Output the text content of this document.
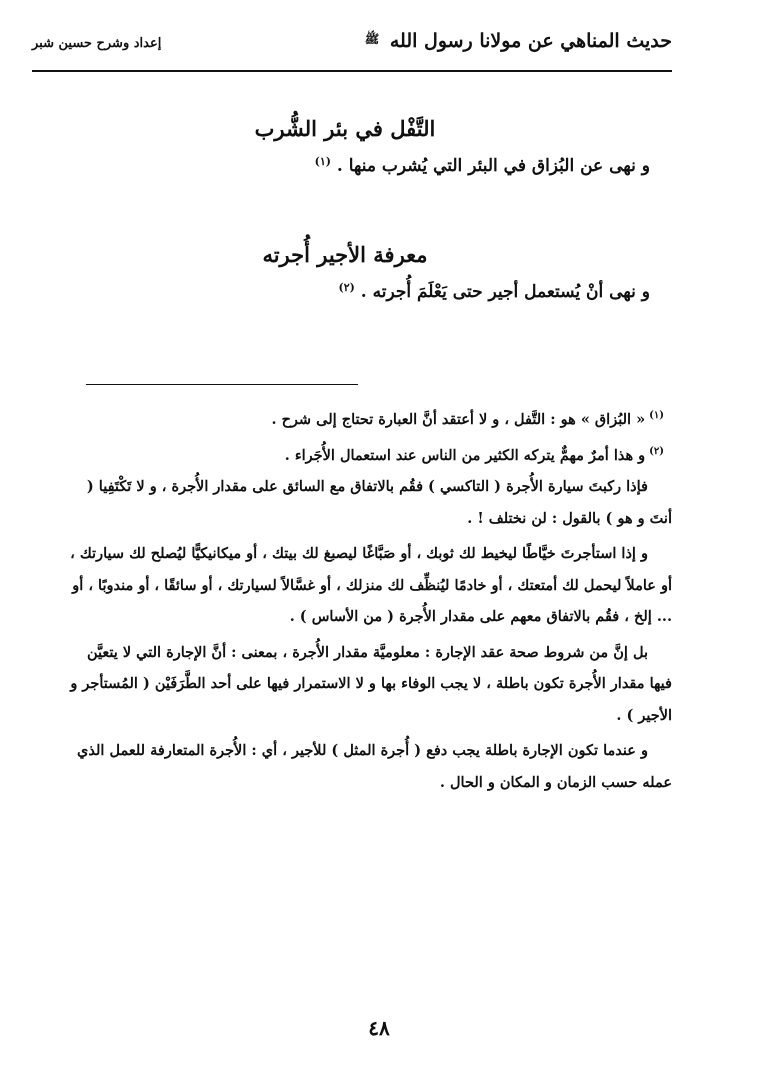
حديث المناهي عن مولانا رسول الله ﷺ
إعداد وشرح حسين شبر
التَّفْل في بئر الشُّرب
و نهى عن البُزاق في البئر التي يُشرب منها . $^{(١)}$
معرفة الأجير أُجرته
و نهى أنْ يُستعمل أجير حتى يَعْلَمَ أُجرته . $^{(٢)}$

$^{(١)}$« البُزاق » هو : التَّفل ، و لا أعتقد أنَّ العبارة تحتاج إلى شرح .

$^{(٢)}$و هذا أمرٌ مهمٌّ يتركه الكثير من الناس عند استعمال الأُجَراء .

فإذا ركبتَ سيارة الأُجرة ( التاكسي ) فقُم بالاتفاق مع السائق على مقدار الأُجرة ، و لا تَكْتَفِيا ( أنتَ و هو ) بالقول : لن نختلف ! .

و إذا استأجرتَ خيَّاطًا ليخيط لك ثوبك ، أو صَبَّاغًا ليصبغ لك بيتك ، أو ميكانيكيًّا ليُصلح لك سيارتك ، أو عاملاً ليحمل لك أمتعتك ، أو خادمًا ليُنظِّف لك منزلك ، أو غسَّالاً لسيارتك ، أو سائقًا ، أو مندوبًا ، أو ... إلخ ، فقُم بالاتفاق معهم على مقدار الأُجرة ( من الأساس ) .

بل إنَّ من شروط صحة عقد الإجارة : معلوميَّة مقدار الأُجرة ، بمعنى : أنَّ الإجارة التي لا يتعيَّن فيها مقدار الأُجرة تكون باطلة ، لا يجب الوفاء بها و لا الاستمرار فيها على أحد الطَّرَفَيْن ( المُستأجر و الأجير ) .

و عندما تكون الإجارة باطلة يجب دفع ( أُجرة المثل ) للأجير ، أي : الأُجرة المتعارفة للعمل الذي عمله حسب الزمان و المكان و الحال .

٤٨
